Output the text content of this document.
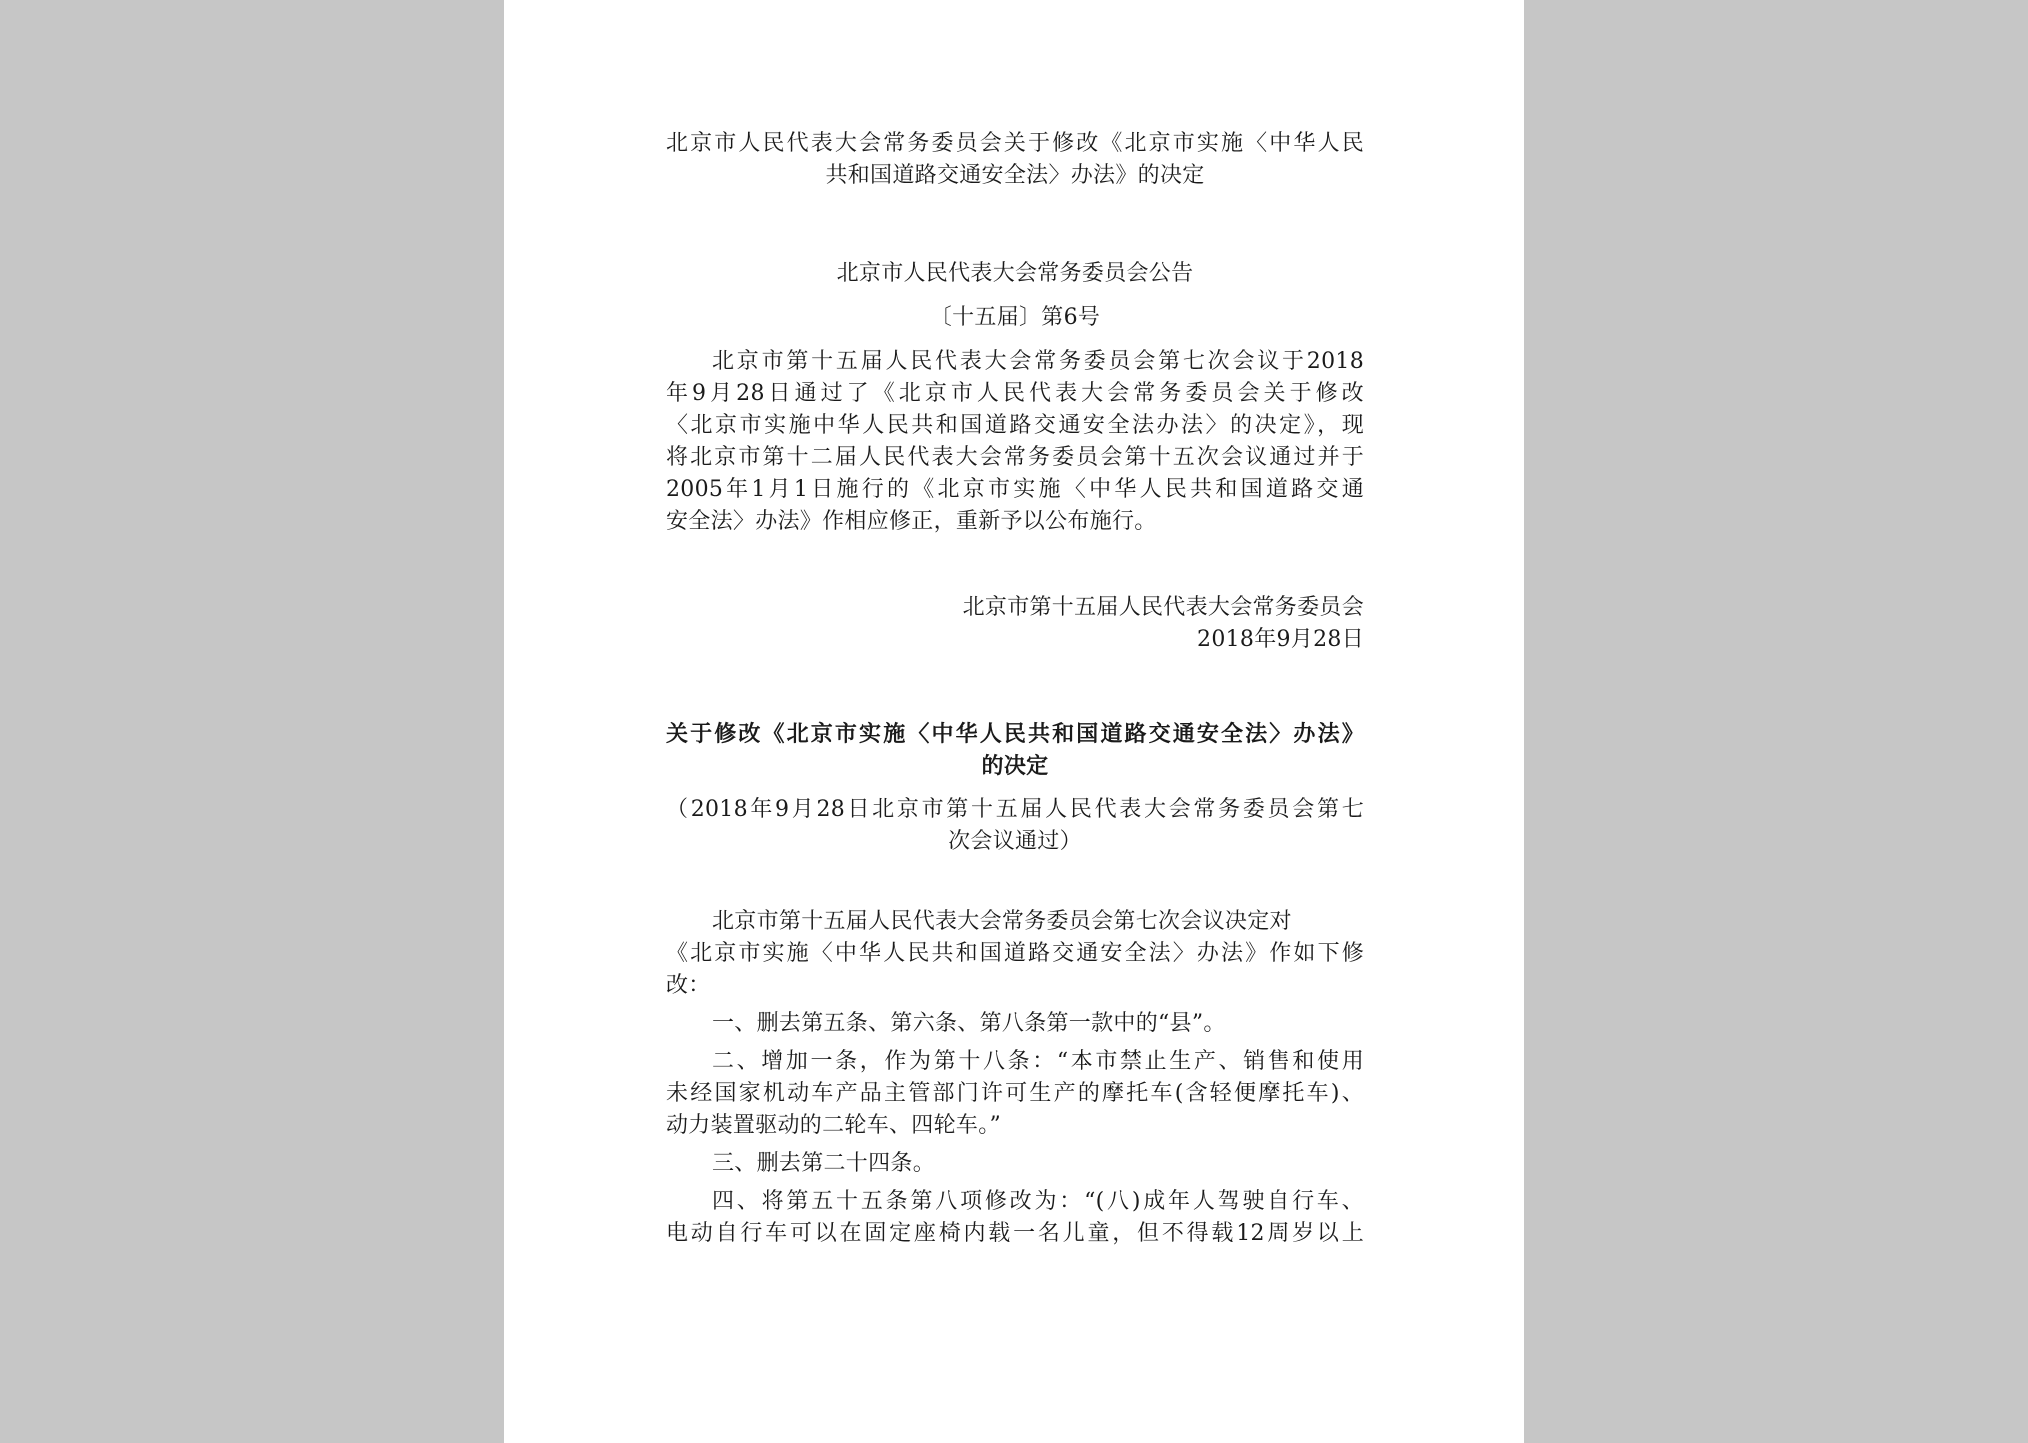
北京市人民代表大会常务委员会关于修改《北京市实施〈中华人民
共和国道路交通安全法〉办法》的决定
北京市人民代表大会常务委员会公告
〔十五届〕第6号
北京市第十五届人民代表大会常务委员会第七次会议于2018
年9月28日通过了《北京市人民代表大会常务委员会关于修改
〈北京市实施中华人民共和国道路交通安全法办法〉的决定》，现
将北京市第十二届人民代表大会常务委员会第十五次会议通过并于
2005年1月1日施行的《北京市实施〈中华人民共和国道路交通
安全法〉办法》作相应修正，重新予以公布施行。
北京市第十五届人民代表大会常务委员会
2018年9月28日
关于修改《北京市实施〈中华人民共和国道路交通安全法〉办法》
的决定
（2018年9月28日北京市第十五届人民代表大会常务委员会第七
次会议通过）
北京市第十五届人民代表大会常务委员会第七次会议决定对
《北京市实施〈中华人民共和国道路交通安全法〉办法》作如下修
改：
一、删去第五条、第六条、第八条第一款中的“县”。
二、增加一条，作为第十八条：“本市禁止生产、销售和使用
未经国家机动车产品主管部门许可生产的摩托车(含轻便摩托车)、
动力装置驱动的二轮车、四轮车。”
三、删去第二十四条。
四、将第五十五条第八项修改为：“(八)成年人驾驶自行车、
电动自行车可以在固定座椅内载一名儿童，但不得载12周岁以上
